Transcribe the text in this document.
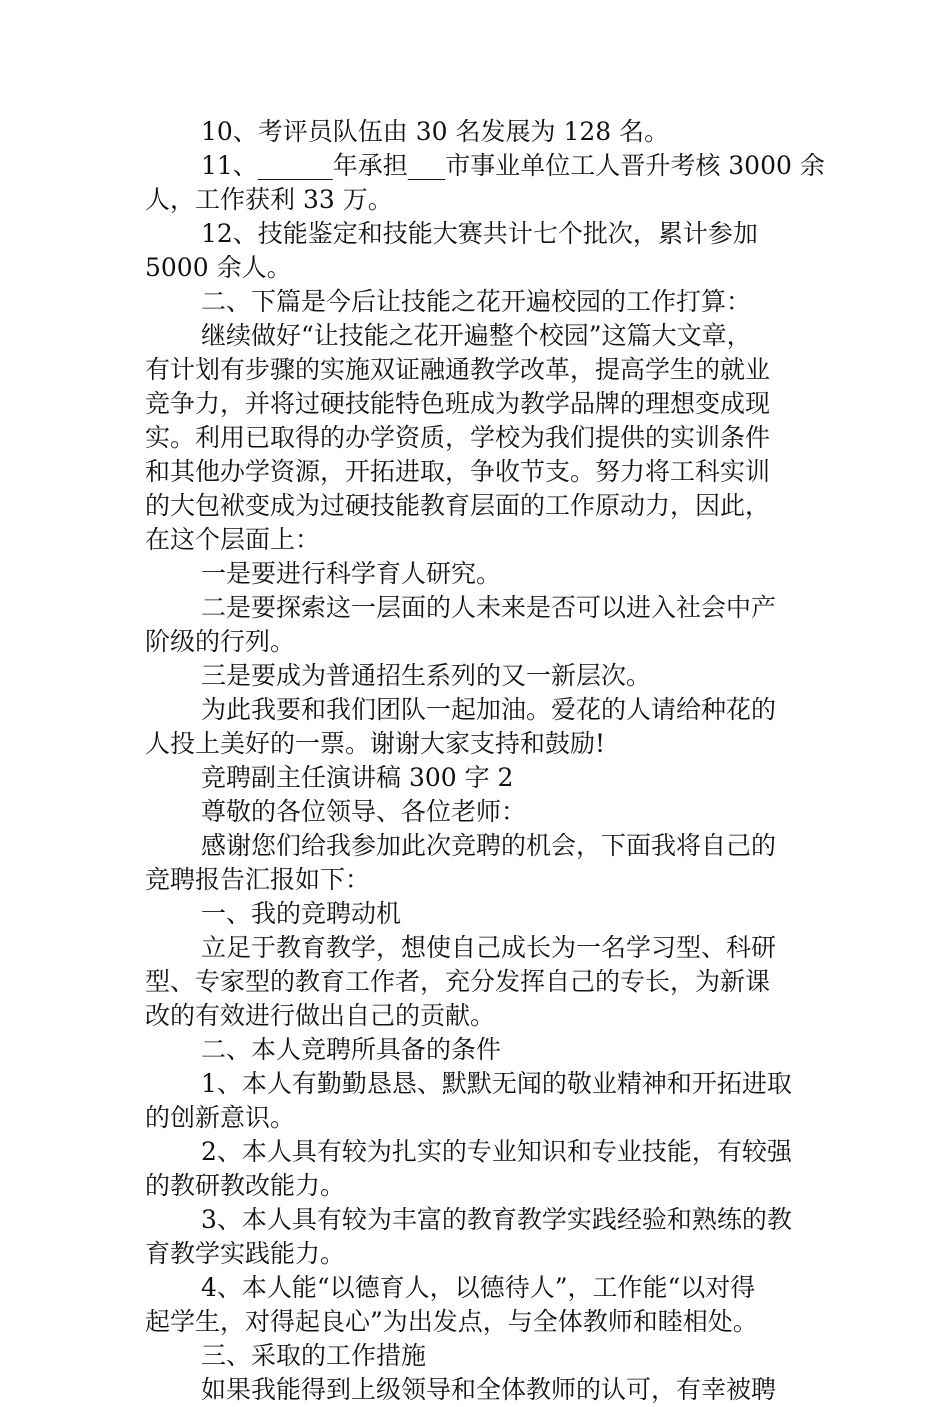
10、考评员队伍由 30 名发展为 128 名。
11、______年承担___市事业单位工人晋升考核 3000 余
人，工作获利 33 万。
12、技能鉴定和技能大赛共计七个批次，累计参加
5000 余人。
二、下篇是今后让技能之花开遍校园的工作打算：
继续做好“让技能之花开遍整个校园”这篇大文章，
有计划有步骤的实施双证融通教学改革，提高学生的就业
竞争力，并将过硬技能特色班成为教学品牌的理想变成现
实。利用已取得的办学资质，学校为我们提供的实训条件
和其他办学资源，开拓进取，争收节支。努力将工科实训
的大包袱变成为过硬技能教育层面的工作原动力，因此，
在这个层面上：
一是要进行科学育人研究。
二是要探索这一层面的人未来是否可以进入社会中产
阶级的行列。
三是要成为普通招生系列的又一新层次。
为此我要和我们团队一起加油。爱花的人请给种花的
人投上美好的一票。谢谢大家支持和鼓励!
竞聘副主任演讲稿 300 字 2
尊敬的各位领导、各位老师：
感谢您们给我参加此次竞聘的机会，下面我将自己的
竞聘报告汇报如下：
一、我的竞聘动机
立足于教育教学，想使自己成长为一名学习型、科研
型、专家型的教育工作者，充分发挥自己的专长，为新课
改的有效进行做出自己的贡献。
二、本人竞聘所具备的条件
1、本人有勤勤恳恳、默默无闻的敬业精神和开拓进取
的创新意识。
2、本人具有较为扎实的专业知识和专业技能，有较强
的教研教改能力。
3、本人具有较为丰富的教育教学实践经验和熟练的教
育教学实践能力。
4、本人能“以德育人，以德待人”，工作能“以对得
起学生，对得起良心”为出发点，与全体教师和睦相处。
三、采取的工作措施
如果我能得到上级领导和全体教师的认可，有幸被聘
